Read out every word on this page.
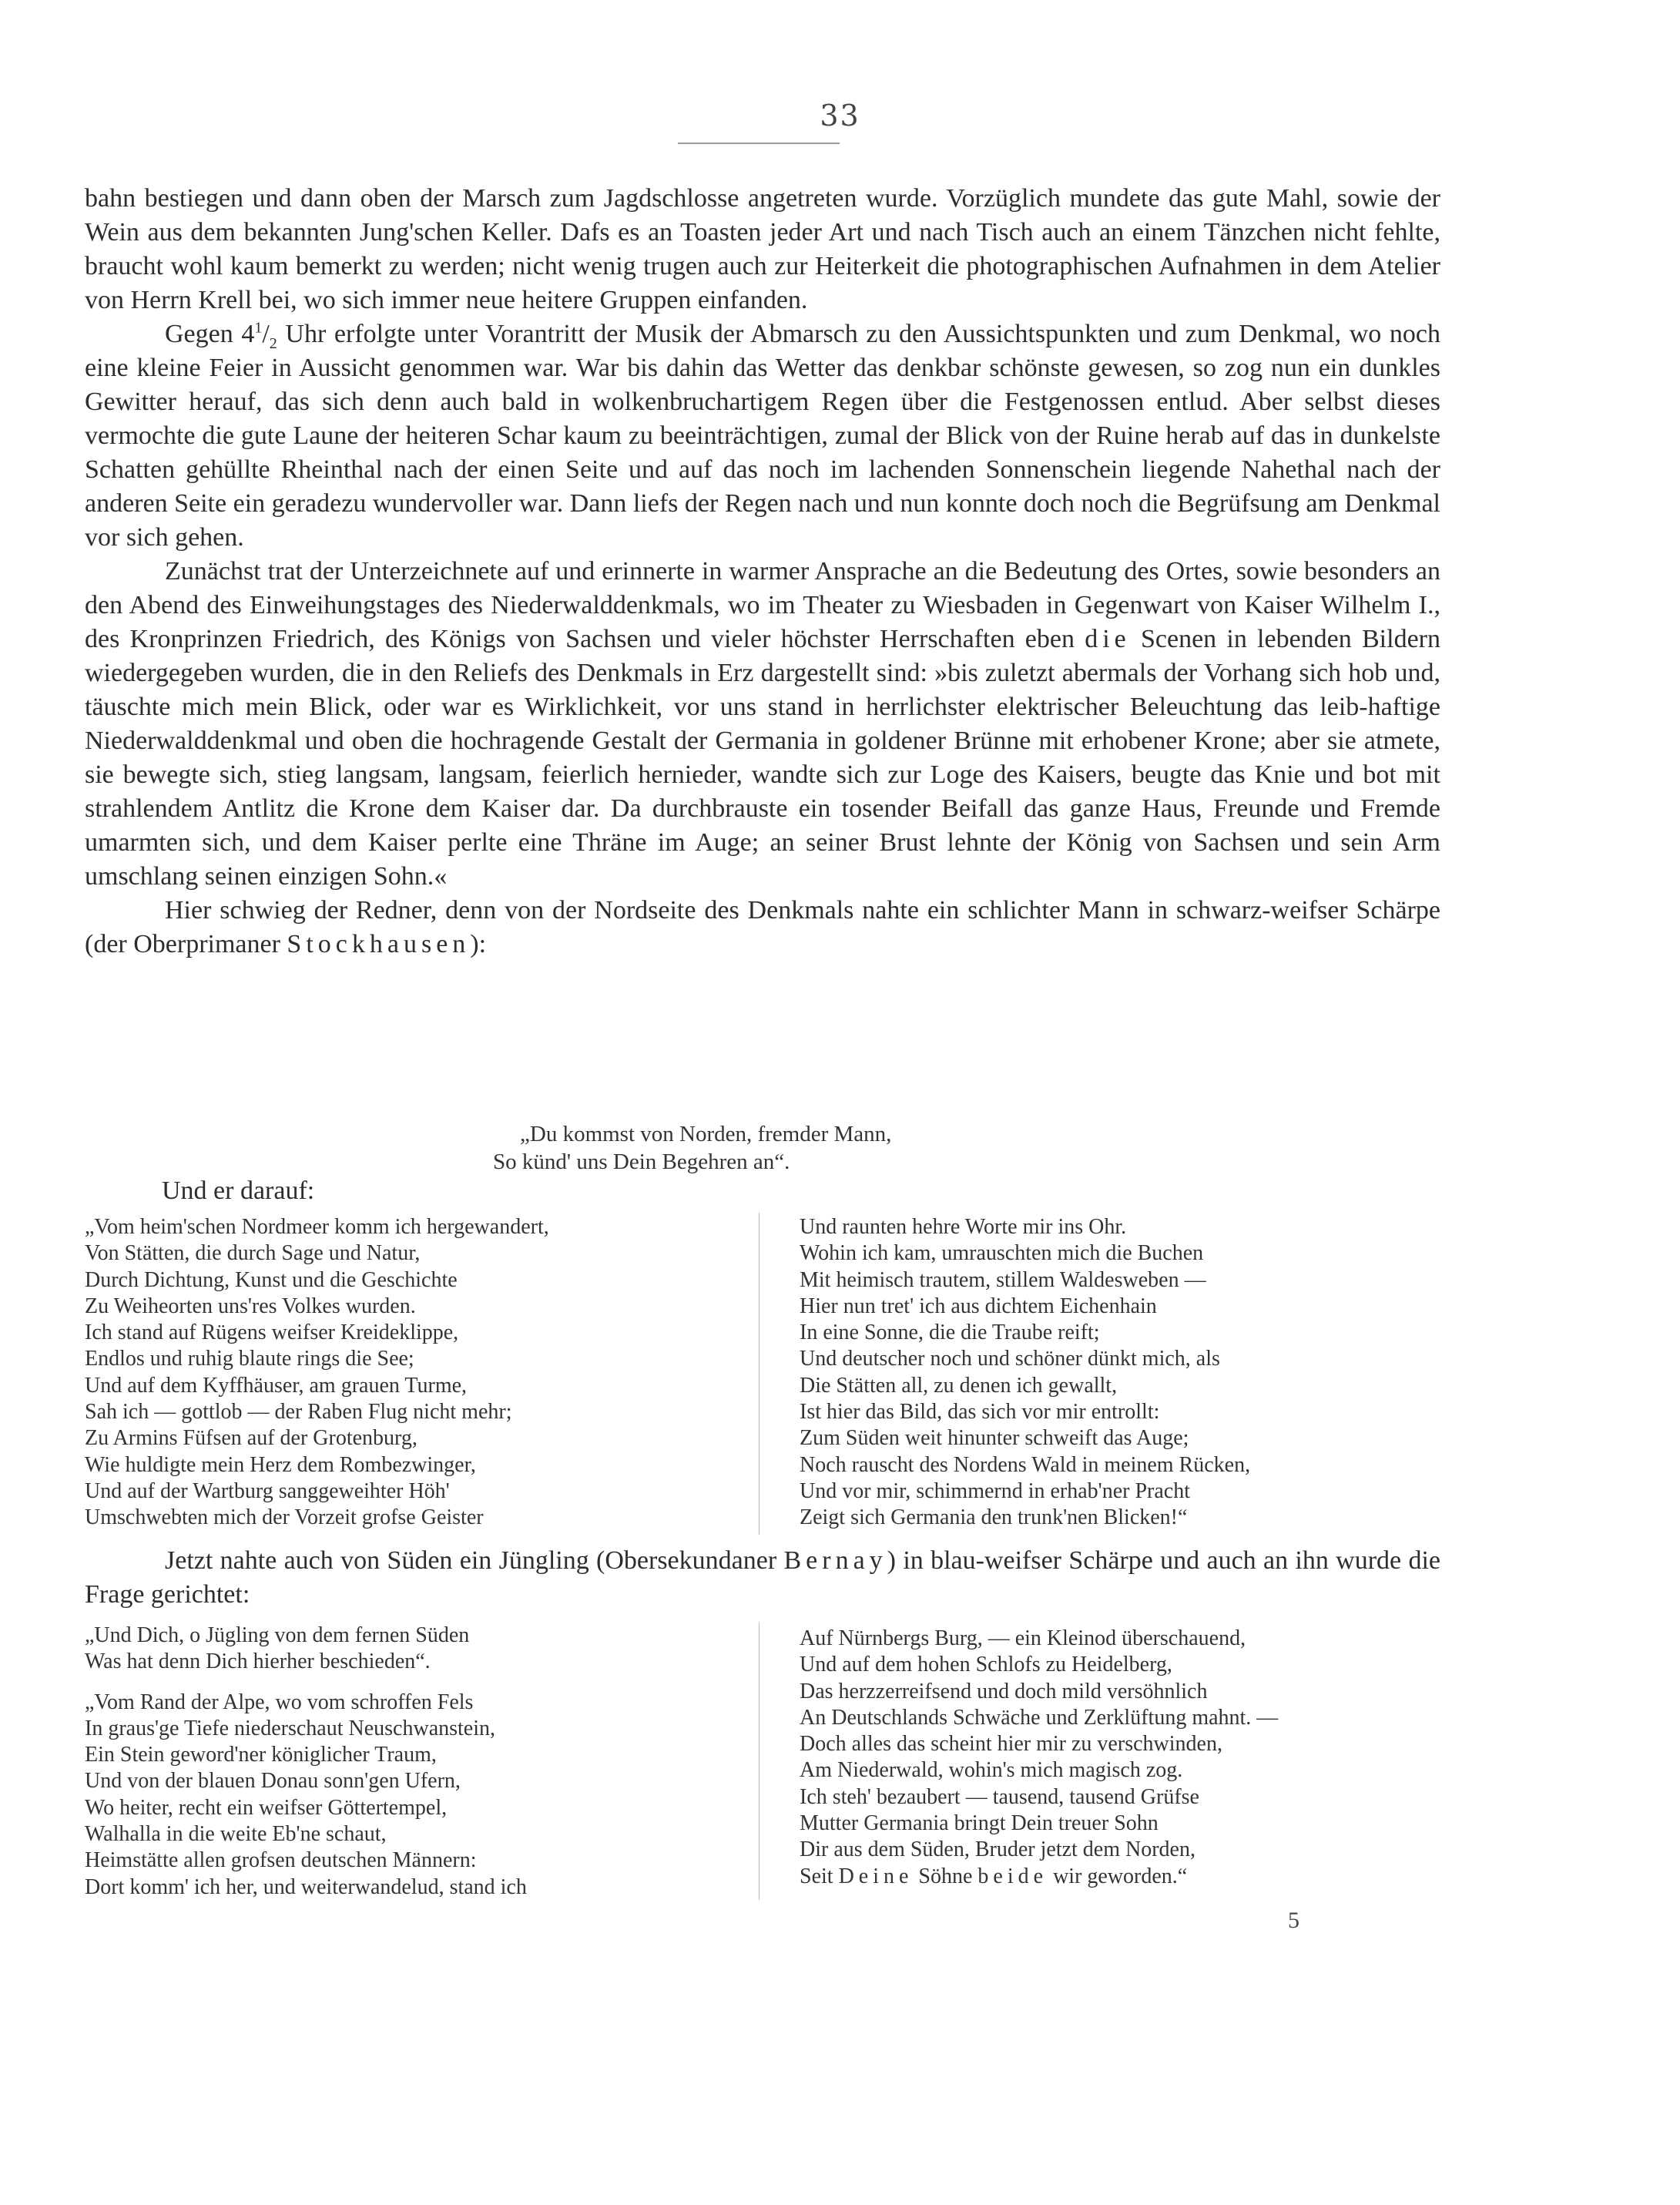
33

bahn bestiegen und dann oben der Marsch zum Jagdschlosse angetreten wurde. Vorzüglich mundete das gute Mahl, sowie der Wein aus dem bekannten Jung'schen Keller. Dafs es an Toasten jeder Art und nach Tisch auch an einem Tänzchen nicht fehlte, braucht wohl kaum bemerkt zu werden; nicht wenig trugen auch zur Heiterkeit die photographischen Aufnahmen in dem Atelier von Herrn Krell bei, wo sich immer neue heitere Gruppen einfanden.

Gegen $4^1/_2$ Uhr erfolgte unter Vorantritt der Musik der Abmarsch zu den Aussichtspunkten und zum Denkmal, wo noch eine kleine Feier in Aussicht genommen war. War bis dahin das Wetter das denkbar schönste gewesen, so zog nun ein dunkles Gewitter herauf, das sich denn auch bald in wolkenbruchartigem Regen über die Festgenossen entlud. Aber selbst dieses vermochte die gute Laune der heiteren Schar kaum zu beeinträchtigen, zumal der Blick von der Ruine herab auf das in dunkelste Schatten gehüllte Rheinthal nach der einen Seite und auf das noch im lachenden Sonnenschein liegende Nahethal nach der anderen Seite ein geradezu wundervoller war. Dann liefs der Regen nach und nun konnte doch noch die Begrüfsung am Denkmal vor sich gehen.

Zunächst trat der Unterzeichnete auf und erinnerte in warmer Ansprache an die Bedeutung des Ortes, sowie besonders an den Abend des Einweihungstages des Niederwalddenkmals, wo im Theater zu Wiesbaden in Gegenwart von Kaiser Wilhelm I., des Kronprinzen Friedrich, des Königs von Sachsen und vieler höchster Herrschaften eben die Scenen in lebenden Bildern wiedergegeben wurden, die in den Reliefs des Denkmals in Erz dargestellt sind: »bis zuletzt abermals der Vorhang sich hob und, täuschte mich mein Blick, oder war es Wirklichkeit, vor uns stand in herrlichster elektrischer Beleuchtung das leib-haftige Niederwalddenkmal und oben die hochragende Gestalt der Germania in goldener Brünne mit erhobener Krone; aber sie atmete, sie bewegte sich, stieg langsam, langsam, feierlich hernieder, wandte sich zur Loge des Kaisers, beugte das Knie und bot mit strahlendem Antlitz die Krone dem Kaiser dar. Da durchbrauste ein tosender Beifall das ganze Haus, Freunde und Fremde umarmten sich, und dem Kaiser perlte eine Thräne im Auge; an seiner Brust lehnte der König von Sachsen und sein Arm umschlang seinen einzigen Sohn.«

Hier schwieg der Redner, denn von der Nordseite des Denkmals nahte ein schlichter Mann in schwarz-weifser Schärpe (der Oberprimaner Stockhausen):

„Du kommst von Norden, fremder Mann,
So künd' uns Dein Begehren an“.
Und er darauf:
„Vom heim'schen Nordmeer komm ich hergewandert,
Von Stätten, die durch Sage und Natur,
Durch Dichtung, Kunst und die Geschichte
Zu Weiheorten uns'res Volkes wurden.
Ich stand auf Rügens weifser Kreideklippe,
Endlos und ruhig blaute rings die See;
Und auf dem Kyffhäuser, am grauen Turme,
Sah ich — gottlob — der Raben Flug nicht mehr;
Zu Armins Füfsen auf der Grotenburg,
Wie huldigte mein Herz dem Rombezwinger,
Und auf der Wartburg sanggeweihter Höh'
Umschwebten mich der Vorzeit grofse Geister
Und raunten hehre Worte mir ins Ohr.
Wohin ich kam, umrauschten mich die Buchen
Mit heimisch trautem, stillem Waldesweben —
Hier nun tret' ich aus dichtem Eichenhain
In eine Sonne, die die Traube reift;
Und deutscher noch und schöner dünkt mich, als
Die Stätten all, zu denen ich gewallt,
Ist hier das Bild, das sich vor mir entrollt:
Zum Süden weit hinunter schweift das Auge;
Noch rauscht des Nordens Wald in meinem Rücken,
Und vor mir, schimmernd in erhab'ner Pracht
Zeigt sich Germania den trunk'nen Blicken!“

Jetzt nahte auch von Süden ein Jüngling (Obersekundaner Bernay) in blau-weifser Schärpe und auch an ihn wurde die Frage gerichtet:

„Und Dich, o Jügling von dem fernen Süden
Was hat denn Dich hierher beschieden“.
„Vom Rand der Alpe, wo vom schroffen Fels
In graus'ge Tiefe niederschaut Neuschwanstein,
Ein Stein geword'ner königlicher Traum,
Und von der blauen Donau sonn'gen Ufern,
Wo heiter, recht ein weifser Göttertempel,
Walhalla in die weite Eb'ne schaut,
Heimstätte allen grofsen deutschen Männern:
Dort komm' ich her, und weiterwandelud, stand ich
Auf Nürnbergs Burg, — ein Kleinod überschauend,
Und auf dem hohen Schlofs zu Heidelberg,
Das herzzerreifsend und doch mild versöhnlich
An Deutschlands Schwäche und Zerklüftung mahnt. —
Doch alles das scheint hier mir zu verschwinden,
Am Niederwald, wohin's mich magisch zog.
Ich steh' bezaubert — tausend, tausend Grüfse
Mutter Germania bringt Dein treuer Sohn
Dir aus dem Süden, Bruder jetzt dem Norden,
Seit Deine Söhne beide wir geworden.“
5
